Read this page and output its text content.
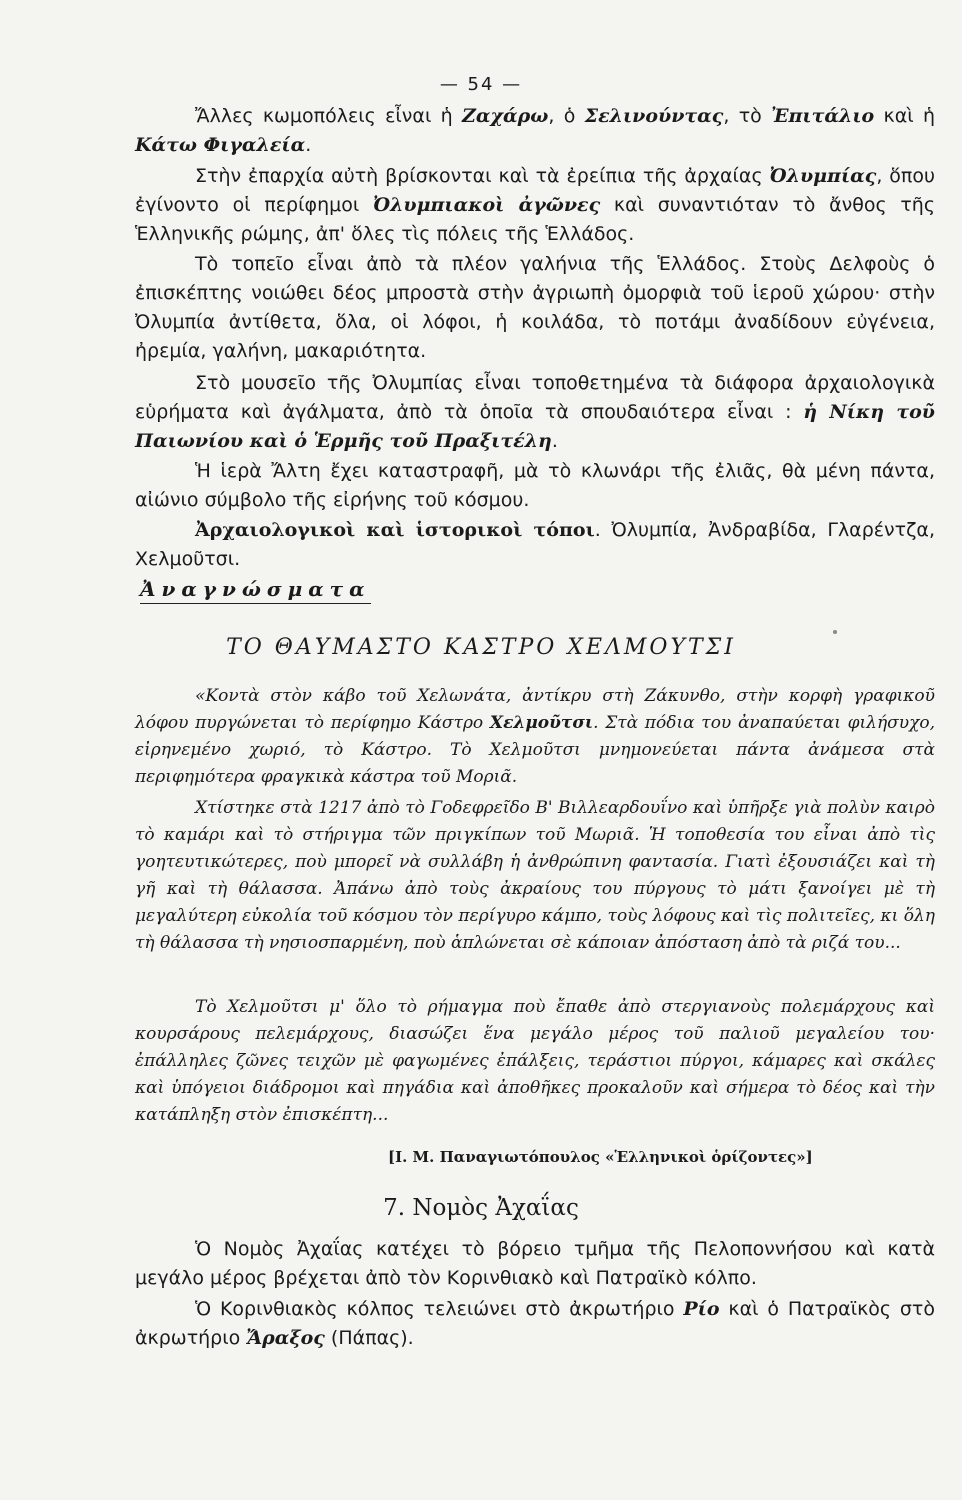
— 54 —

Ἄλλες κωμοπόλεις εἶναι ἡ Ζαχάρω, ὁ Σελινούντας, τὸ Ἐπιτάλιο καὶ ἡ Κάτω Φιγαλεία.

Στὴν ἐπαρχία αὐτὴ βρίσκονται καὶ τὰ ἐρείπια τῆς ἀρχαίας Ὀλυμπίας, ὅπου ἐγίνοντο οἱ περίφημοι Ὀλυμπιακοὶ ἀγῶνες καὶ συναντιόταν τὸ ἄνθος τῆς Ἑλληνικῆς ρώμης, ἀπ' ὅλες τὶς πόλεις τῆς Ἑλλάδος.

Τὸ τοπεῖο εἶναι ἀπὸ τὰ πλέον γαλήνια τῆς Ἑλλάδος. Στοὺς Δελφοὺς ὁ ἐπισκέπτης νοιώθει δέος μπροστὰ στὴν ἀγριωπὴ ὀμορφιὰ τοῦ ἱεροῦ χώρου· στὴν Ὀλυμπία ἀντίθετα, ὅλα, οἱ λόφοι, ἡ κοιλάδα, τὸ ποτάμι ἀναδίδουν εὐγένεια, ἠρεμία, γαλήνη, μακαριότητα.

Στὸ μουσεῖο τῆς Ὀλυμπίας εἶναι τοποθετημένα τὰ διάφορα ἀρχαιολογικὰ εὑρήματα καὶ ἀγάλματα, ἀπὸ τὰ ὁποῖα τὰ σπουδαιότερα εἶναι : ἡ Νίκη τοῦ Παιωνίου καὶ ὁ Ἑρμῆς τοῦ Πραξιτέλη.

Ἡ ἱερὰ Ἄλτη ἔχει καταστραφῆ, μὰ τὸ κλωνάρι τῆς ἐλιᾶς, θὰ μένη πάντα, αἰώνιο σύμβολο τῆς εἰρήνης τοῦ κόσμου.

Ἀρχαιολογικοὶ καὶ ἱστορικοὶ τόποι. Ὀλυμπία, Ἀνδραβίδα, Γλαρέντζα, Χελμοῦτσι.

Ἀναγνώσματα
ΤΟ ΘΑΥΜΑΣΤΟ ΚΑΣΤΡΟ ΧΕΛΜΟΥΤΣΙ

«Κοντὰ στὸν κάβο τοῦ Χελωνάτα, ἀντίκρυ στὴ Ζάκυνθο, στὴν κορφὴ γραφικοῦ λόφου πυργώνεται τὸ περίφημο Κάστρο Χελμοῦτσι. Στὰ πόδια του ἀναπαύεται φιλήσυχο, εἰρηνεμένο χωριό, τὸ Κάστρο. Τὸ Χελμοῦτσι μνημονεύεται πάντα ἀνάμεσα στὰ περιφημότερα φραγκικὰ κάστρα τοῦ Μοριᾶ.

Χτίστηκε στὰ 1217 ἀπὸ τὸ Γοδεφρεῖδο Β' Βιλλεαρδουΐνο καὶ ὑπῆρξε γιὰ πολὺν καιρὸ τὸ καμάρι καὶ τὸ στήριγμα τῶν πριγκίπων τοῦ Μωριᾶ. Ἡ τοποθεσία του εἶναι ἀπὸ τὶς γοητευτικώτερες, ποὺ μπορεῖ νὰ συλλάβη ἡ ἀνθρώπινη φαντασία. Γιατὶ ἐξουσιάζει καὶ τὴ γῆ καὶ τὴ θάλασσα. Ἀπάνω ἀπὸ τοὺς ἀκραίους του πύργους τὸ μάτι ξανοίγει μὲ τὴ μεγαλύτερη εὐκολία τοῦ κόσμου τὸν περίγυρο κάμπο, τοὺς λόφους καὶ τὶς πολιτεῖες, κι ὅλη τὴ θάλασσα τὴ νησιοσπαρμένη, ποὺ ἁπλώνεται σὲ κάποιαν ἀπόσταση ἀπὸ τὰ ριζά του...

Τὸ Χελμοῦτσι μ' ὅλο τὸ ρήμαγμα ποὺ ἔπαθε ἀπὸ στεργιανοὺς πολεμάρχους καὶ κουρσάρους πελεμάρχους, διασώζει ἕνα μεγάλο μέρος τοῦ παλιοῦ μεγαλείου του· ἐπάλληλες ζῶνες τειχῶν μὲ φαγωμένες ἐπάλξεις, τεράστιοι πύργοι, κάμαρες καὶ σκάλες καὶ ὑπόγειοι διάδρομοι καὶ πηγάδια καὶ ἀποθῆκες προκαλοῦν καὶ σήμερα τὸ δέος καὶ τὴν κατάπληξη στὸν ἐπισκέπτη...

[Ι. Μ. Παναγιωτόπουλος «Ἑλληνικοὶ ὁρίζοντες»]
7. Νομὸς Ἀχαΐας

Ὁ Νομὸς Ἀχαΐας κατέχει τὸ βόρειο τμῆμα τῆς Πελοποννήσου καὶ κατὰ μεγάλο μέρος βρέχεται ἀπὸ τὸν Κορινθιακὸ καὶ Πατραϊκὸ κόλπο.

Ὁ Κορινθιακὸς κόλπος τελειώνει στὸ ἀκρωτήριο Ρίο καὶ ὁ Πατραϊκὸς στὸ ἀκρωτήριο Ἄραξος (Πάπας).
